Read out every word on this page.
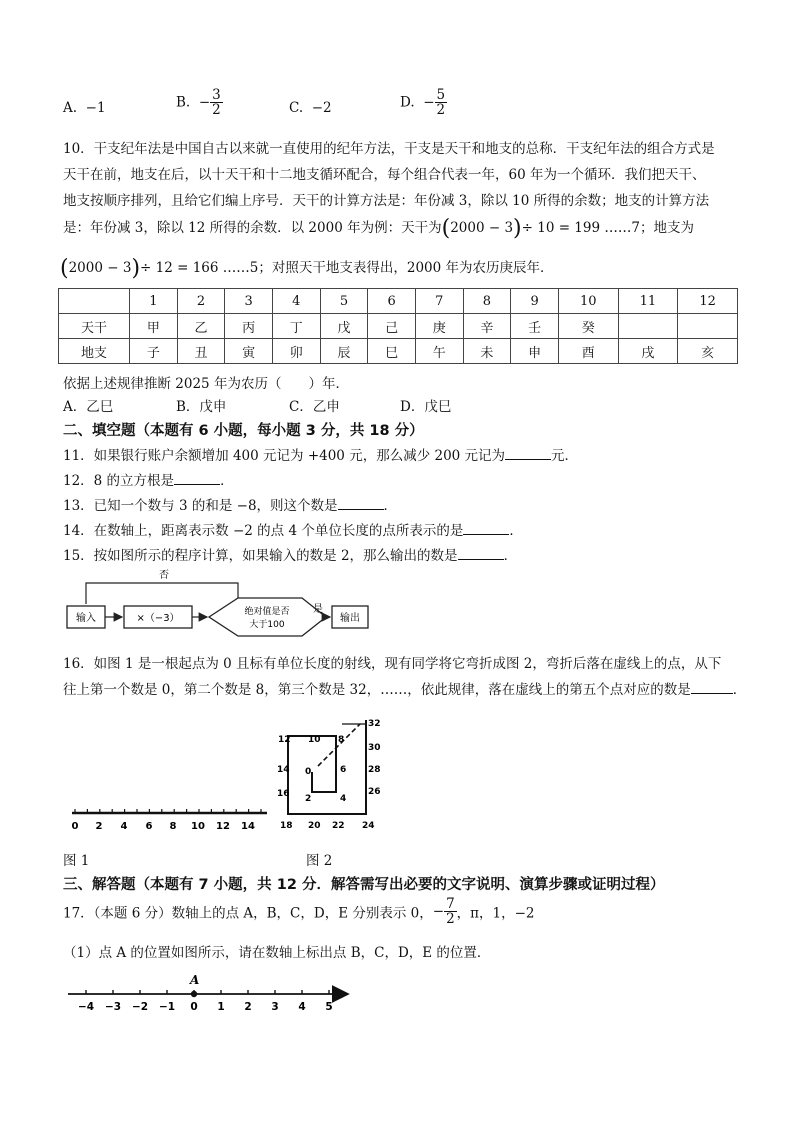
A. −1	B. − $\frac{3}{2}$	C. −2	D. − $\frac{5}{2}$
10．干支纪年法是中国自古以来就一直使用的纪年方法，干支是天干和地支的总称．干支纪年法的组合方式是
天干在前，地支在后，以十天干和十二地支循环配合，每个组合代表一年，60 年为一个循环．我们把天干、
地支按顺序排列，且给它们编上序号．天干的计算方法是：年份减 3，除以 10 所得的余数；地支的计算方法
是：年份减 3，除以 12 所得的余数．以 2000 年为例：天干为(2000 − 3)÷ 10 = 199 ……7；地支为
(2000 − 3)÷ 12 = 166 ……5；对照天干地支表得出，2000 年为农历庚辰年．
	1	2	3	4	5	6	7	8	9	10	11	12
天干	甲	乙	丙	丁	戊	己	庚	辛	壬	癸		
地支	子	丑	寅	卯	辰	巳	午	未	申	酉	戌	亥
依据上述规律推断 2025 年为农历（　　）年．
A．乙巳	B．戊申	C．乙申	D．戊巳
二、填空题（本题有 6 小题，每小题 3 分，共 18 分）
11．如果银行账户余额增加 400 元记为 +400 元，那么减少 200 元记为	元．
12．8 的立方根是	．
13．已知一个数与 3 的和是 −8，则这个数是	．
14．在数轴上，距离表示数 −2 的点 4 个单位长度的点所表示的是	．
15．按如图所示的程序计算，如果输入的数是 2，那么输出的数是	．
否
输入	×（−3）
绝对值是否
大于100
是
输出
16．如图 1 是一根起点为 0 且标有单位长度的射线，现有同学将它弯折成图 2，弯折后落在虚线上的点，从下
往上第一个数是 0，第二个数是 8，第三个数是 32，……，依此规律，落在虚线上的第五个点对应的数是	．
0 2 4 6 8 10 12 14
图 1
32
30
28
26
24
22
20
18
16
14
12 10 8
6
4
2
0
图 2
三、解答题（本题有 7 小题，共 12 分．解答需写出必要的文字说明、演算步骤或证明过程）
17．（本题 6 分）数轴上的点 A，B，C，D，E 分别表示 0，− $\frac{7}{2}$ ，π，1，−2
（1）点 A 的位置如图所示，请在数轴上标出点 B，C，D，E 的位置．
A
−4 −3 −2 −1 0 1 2 3 4 5
